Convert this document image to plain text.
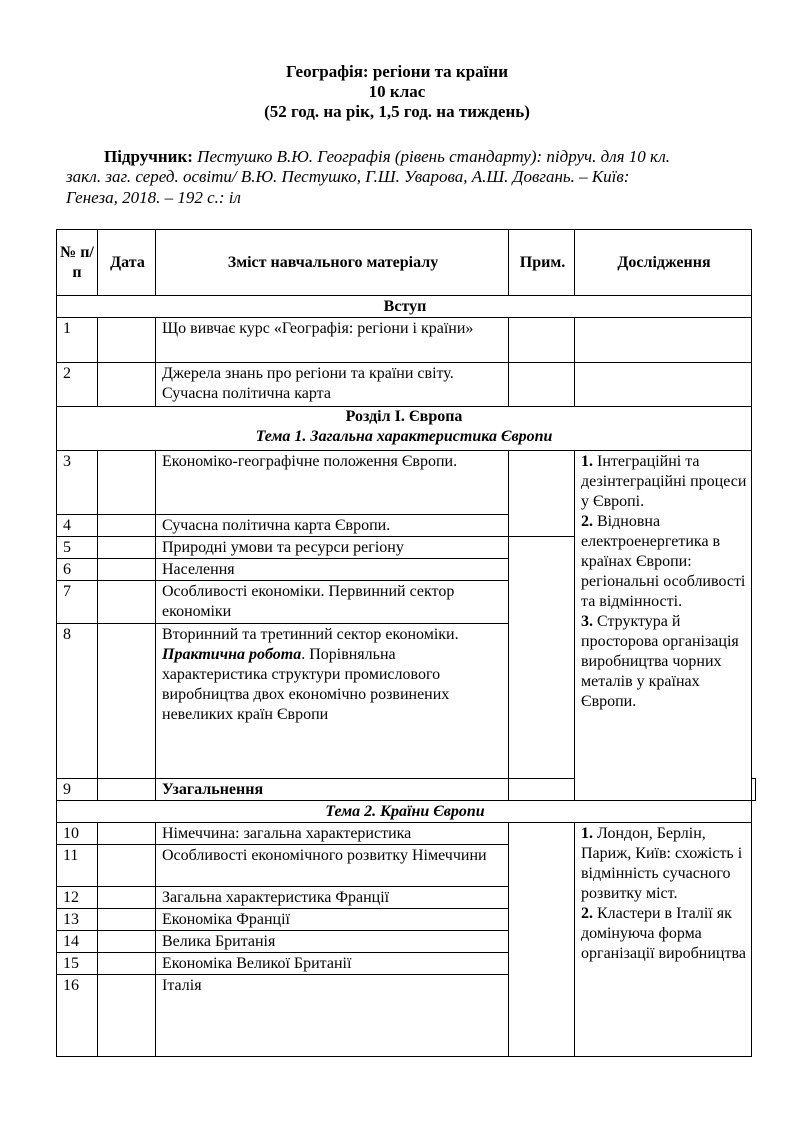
Географія: регіони та країни
10 клас
(52 год. на рік, 1,5 год. на тиждень)
Підручник: Пестушко В.Ю. Географія (рівень стандарту): підруч. для 10 кл.
закл. заг. серед. освіти/ В.Ю. Пестушко, Г.Ш. Уварова, А.Ш. Довгань. – Київ:
Генеза, 2018. – 192 с.: іл
№ п/ п	Дата	Зміст навчального матеріалу	Прим.	Дослідження	
Вступ					
1		Що вивчає курс «Географія: регіони і країни»			
2		Джерела знань про регіони та країни світу. Сучасна політична карта			

Розділ І. Європа
Тема 1. Загальна характеристика Європи					

3		Економіко-географічне положення Європи.		1. Інтеграційні та дезінтеграційні процеси у Європі.

2. Відновна електроенергетика в країнах Європи: регіональні особливості та відмінності.

3. Структура й просторова організація виробництва чорних металів у країнах Європи.	

4		Сучасна політична карта Європи.			
5		Природні умови та ресурси регіону			
6		Населення			
7		Особливості економіки. Первинний сектор економіки			
8		Вторинний та третинний сектор економіки.
Практична робота. Порівняльна характеристика структури промислового виробництва двох економічно розвинених невеликих країн Європи			
9		Узагальнення			
Тема 2. Країни Європи					
10		Німеччина: загальна характеристика		1. Лондон, Берлін, Париж, Київ: схожість і відмінність сучасного розвитку міст.

2. Кластери в Італії як домінуюча форма організації виробництва	

11		Особливості економічного розвитку Німеччини			
12		Загальна характеристика Франції			
13		Економіка Франції			
14		Велика Британія			
15		Економіка Великої Британії			
16		Італія			
